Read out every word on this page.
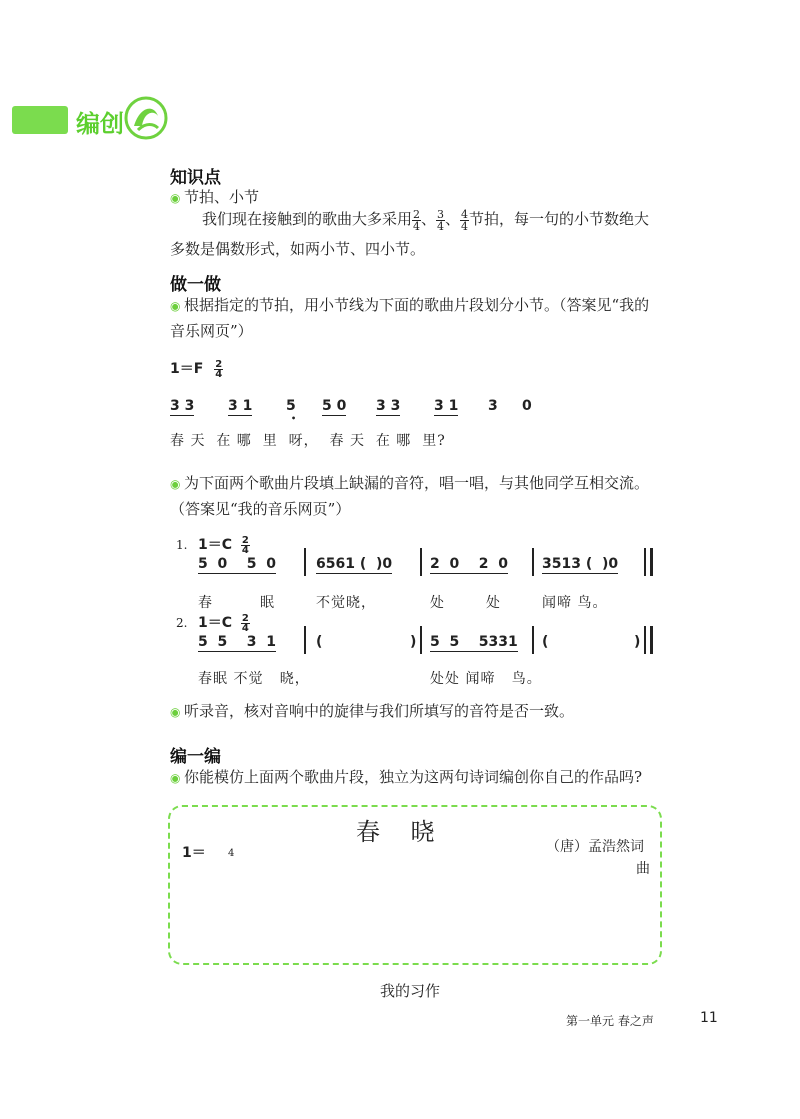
编创
知识点
◉ 节拍、小节
我们现在接触到的歌曲大多采用 $\frac{2}{4}$ 、 $\frac{3}{4}$ 、 $\frac{4}{4}$ 节拍，每一句的小节数绝大
多数是偶数形式，如两小节、四小节。
做一做
◉ 根据指定的节拍，用小节线为下面的歌曲片段划分小节。（答案见“我的
音乐网页”）
$1=F \frac{2}{4}$
3 3 3 1 5
•
5 0 3 3 3 1 3 0
春 天  在 哪  里  呀，  春 天  在 哪  里?
◉ 为下面两个歌曲片段填上缺漏的音符，唱一唱，与其他同学互相交流。
（答案见“我的音乐网页”）
1. $1=C \frac{2}{4}$
5  0    5  0	6561 (  )0	2  0    2  0 3513 (  )0
春	眠	不觉晓，	处	处	闻啼 鸟。
2. $1=C \frac{2}{4}$
5  5    3  1	(	) 5  5    5331 (	)
春眠 不觉   晓，	处处 闻啼   鸟。
◉ 听录音，核对音响中的旋律与我们所填写的音符是否一致。
编一编
◉ 你能模仿上面两个歌曲片段，独立为这两句诗词编创你自己的作品吗?
春    晓
1＝ 4	（唐）孟浩然词
曲
我的习作
第一单元 春之声	11
